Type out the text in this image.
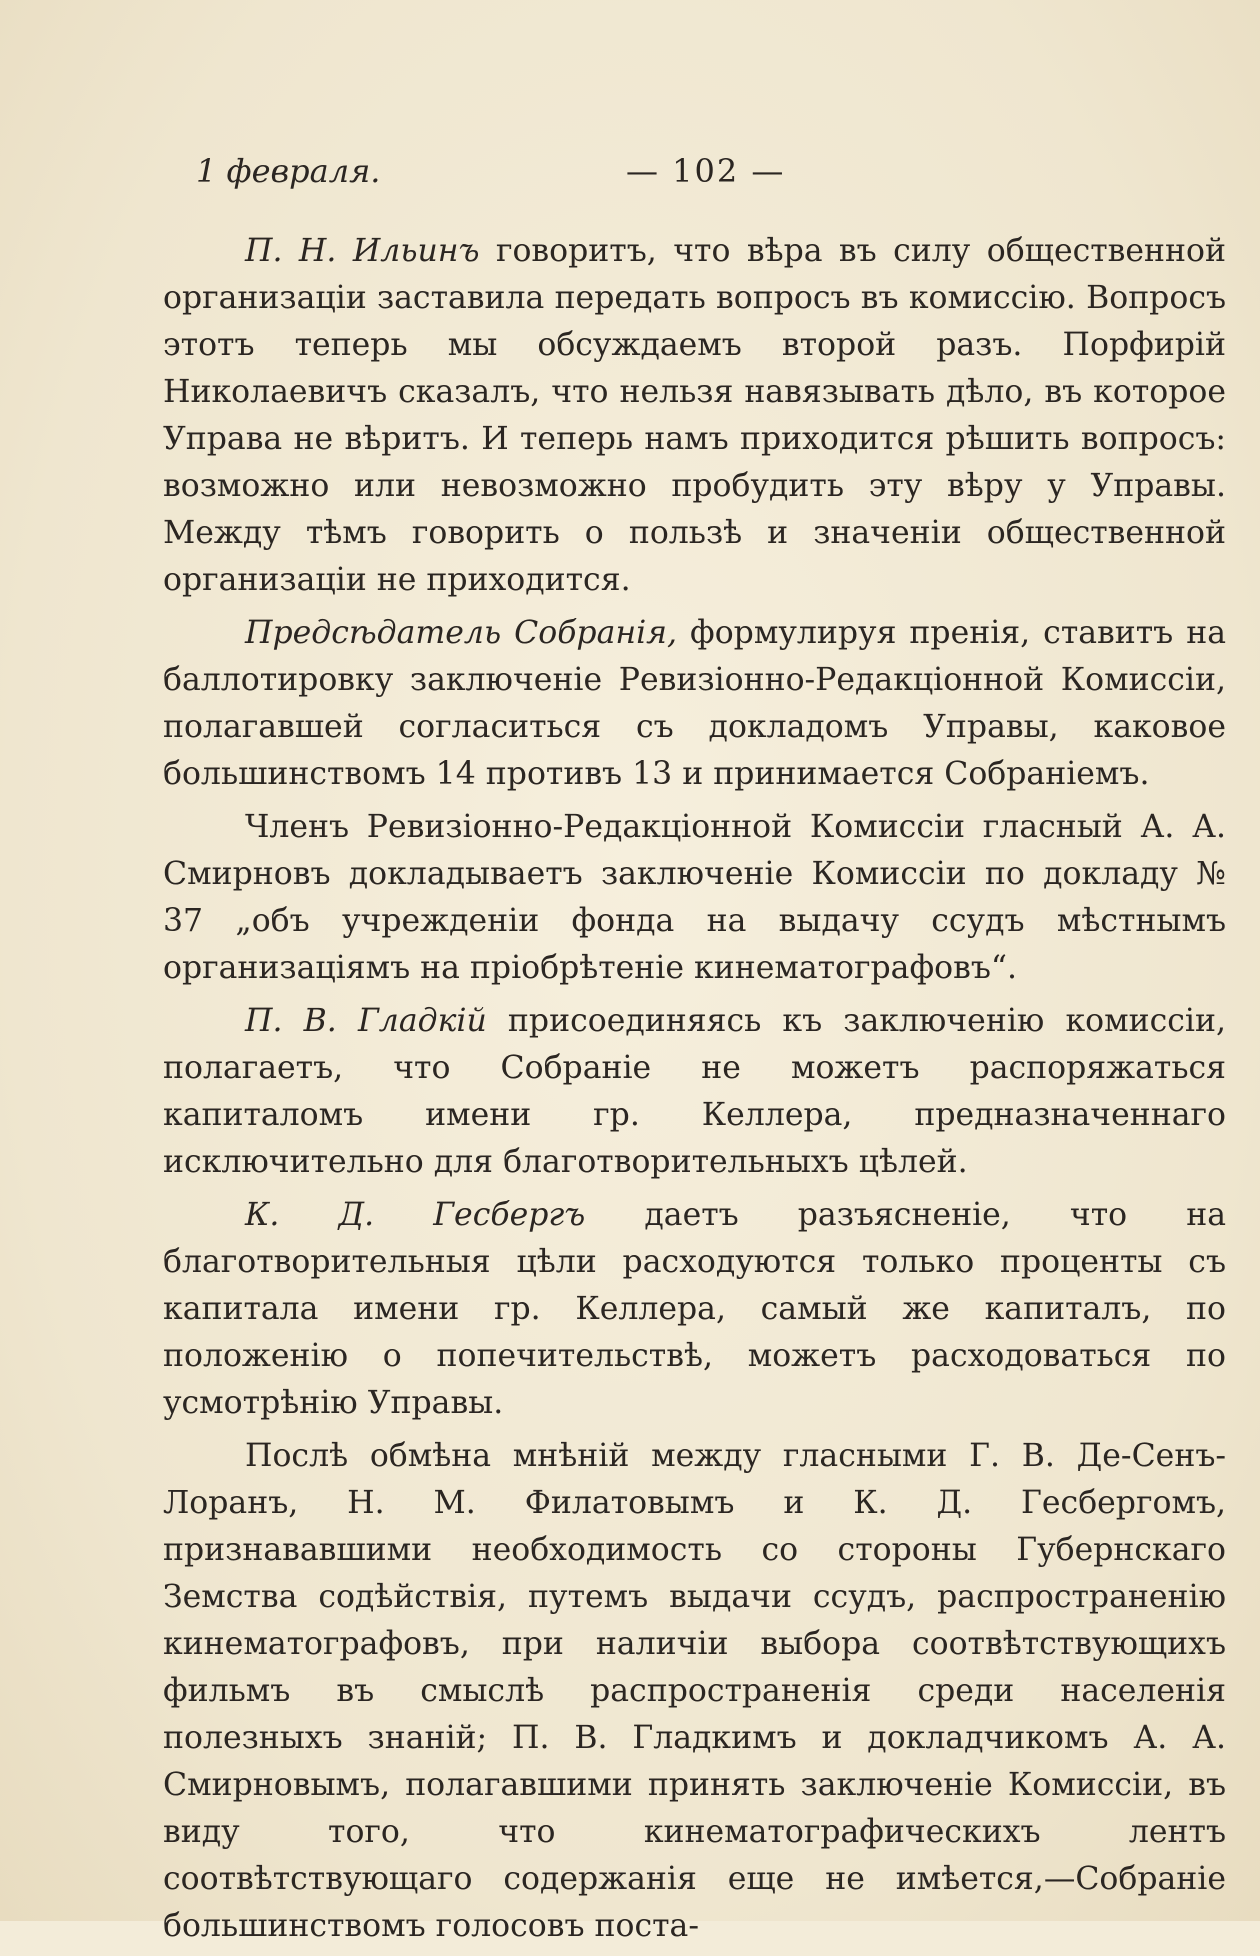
1 февраля.	— 102 —

П. Н. Ильинъ говоритъ, что вѣра въ силу общественной организаціи заставила передать вопросъ въ комиссію. Вопросъ этотъ теперь мы обсуждаемъ второй разъ. Порфирій Николаевичъ сказалъ, что нельзя навязывать дѣло, въ которое Управа не вѣритъ. И теперь намъ приходится рѣшить вопросъ: возможно или невозможно пробудить эту вѣру у Управы. Между тѣмъ говорить о пользѣ и значеніи общественной организаціи не приходится.

Предсѣдатель Собранія, формулируя пренія, ставитъ на баллотировку заключеніе Ревизіонно-Редакціонной Комиссіи, полагавшей согласиться съ докладомъ Управы, каковое большинствомъ 14 противъ 13 и принимается Собраніемъ.

Членъ Ревизіонно-Редакціонной Комиссіи гласный А. А. Смирновъ докладываетъ заключеніе Комиссіи по докладу № 37 „объ учрежденіи фонда на выдачу ссудъ мѣстнымъ организаціямъ на пріобрѣтеніе кинематографовъ“.

П. В. Гладкій присоединяясь къ заключенію комиссіи, полагаетъ, что Собраніе не можетъ распоряжаться капиталомъ имени гр. Келлера, предназначеннаго исключительно для благотворительныхъ цѣлей.

К. Д. Гесбергъ даетъ разъясненіе, что на благотворительныя цѣли расходуются только проценты съ капитала имени гр. Келлера, самый же капиталъ, по положенію о попечительствѣ, можетъ расходоваться по усмотрѣнію Управы.

Послѣ обмѣна мнѣній между гласными Г. В. Де-Сенъ-Лоранъ, Н. М. Филатовымъ и К. Д. Гесбергомъ, признававшими необходимость со стороны Губернскаго Земства содѣйствія, путемъ выдачи ссудъ, распространенію кинематографовъ, при наличіи выбора соотвѣтствующихъ фильмъ въ смыслѣ распространенія среди населенія полезныхъ знаній; П. В. Гладкимъ и докладчикомъ А. А. Смирновымъ, полагавшими принять заключеніе Комиссіи, въ виду того, что кинематографическихъ лентъ соотвѣтствующаго содержанія еще не имѣется,—Собраніе большинствомъ голосовъ поста-
